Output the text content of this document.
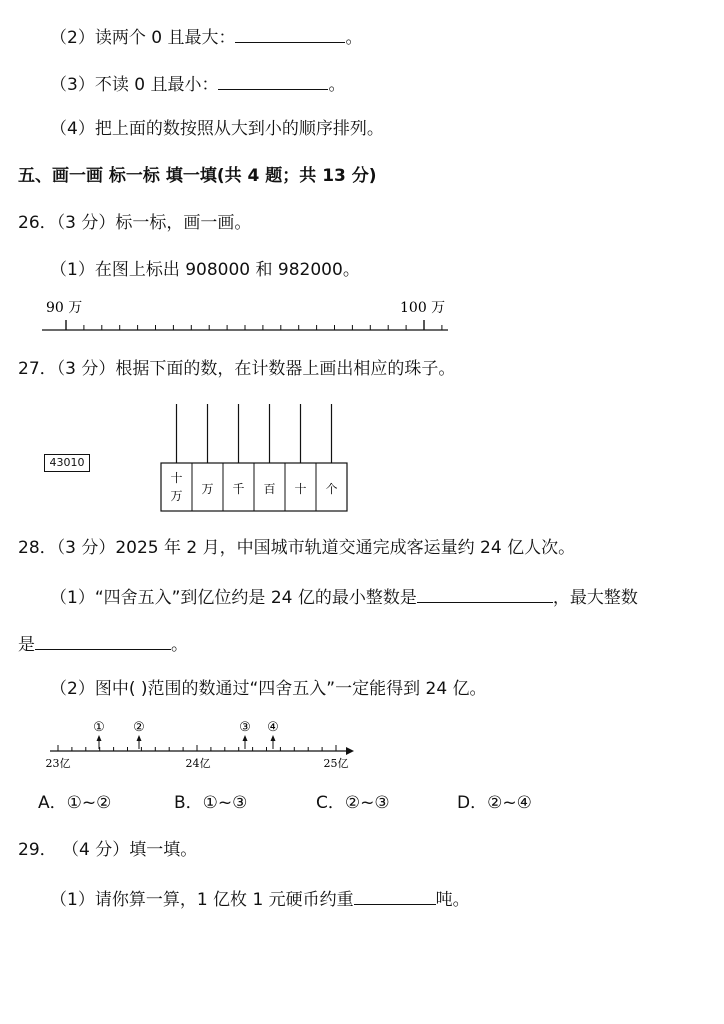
（2）读两个 0 且最大：	。
（3）不读 0 且最小：	。
（4）把上面的数按照从大到小的顺序排列。
五、画一画 标一标 填一填(共 4 题；共 13 分)
26．（3 分）标一标，画一画。
（1）在图上标出 908000 和 982000。
90 万	100 万
27．（3 分）根据下面的数，在计数器上画出相应的珠子。
43010
十
万 万 千 百 十 个
28．（3 分）2025 年 2 月，中国城市轨道交通完成客运量约 24 亿人次。
（1）“四舍五入”到亿位约是 24 亿的最小整数是	，最大整数
是	。
（2）图中( )范围的数通过“四舍五入”一定能得到 24 亿。
① ②	③ ④
23亿	24亿	25亿
A．①~②	B．①~③	C．②~③	D．②~④
29． （4 分）填一填。
（1）请你算一算，1 亿枚 1 元硬币约重	吨。
